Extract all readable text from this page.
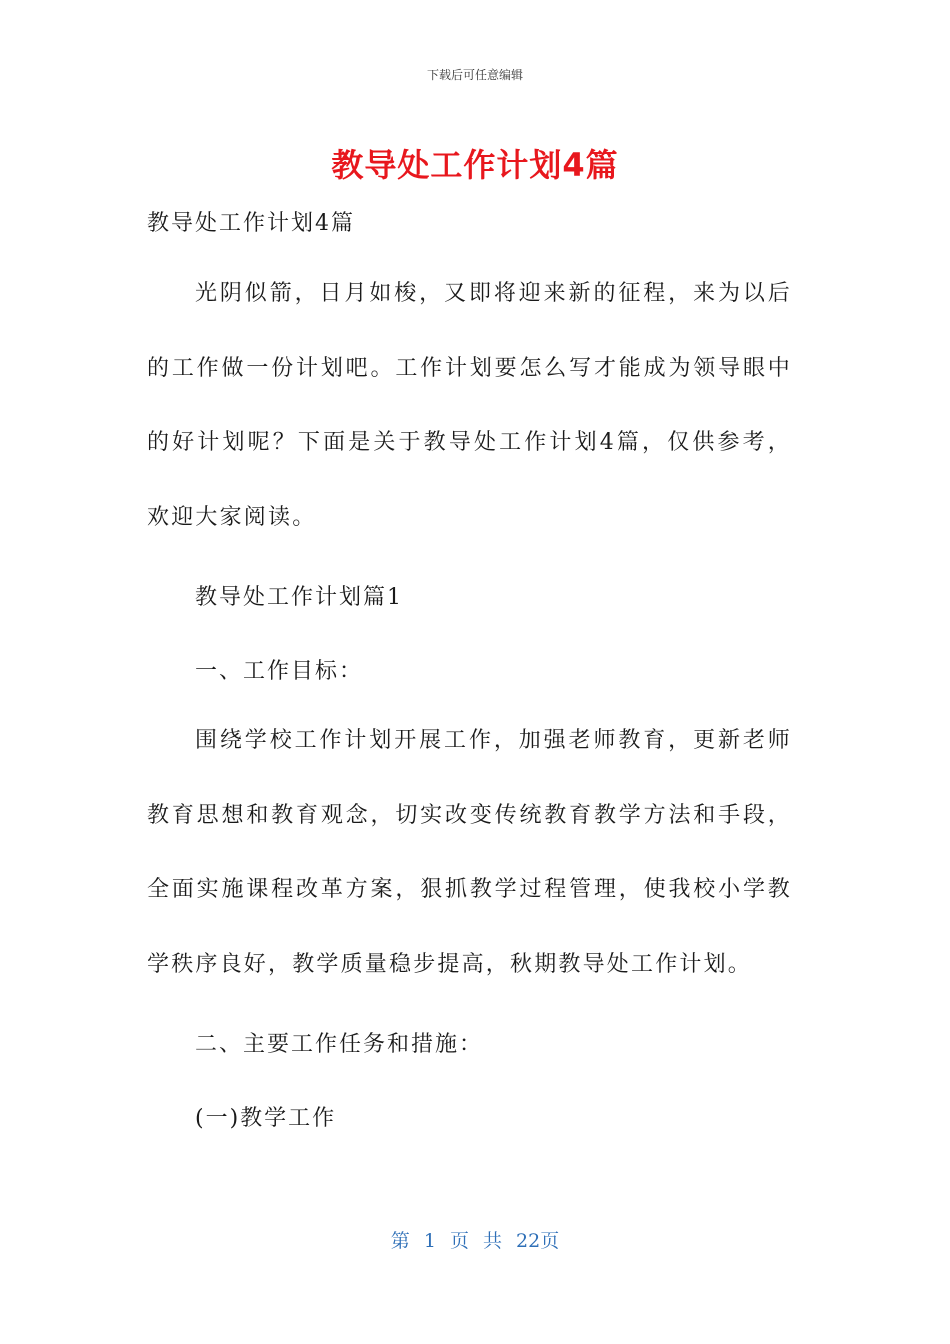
下载后可任意编辑
教导处工作计划4篇
教导处工作计划4篇
光阴似箭，日月如梭，又即将迎来新的征程，来为以后的工作做一份计划吧。工作计划要怎么写才能成为领导眼中的好计划呢？下面是关于教导处工作计划4篇，仅供参考，欢迎大家阅读。
教导处工作计划篇1
一、工作目标：
围绕学校工作计划开展工作，加强老师教育，更新老师教育思想和教育观念，切实改变传统教育教学方法和手段，全面实施课程改革方案，狠抓教学过程管理，使我校小学教学秩序良好，教学质量稳步提高，秋期教导处工作计划。
二、主要工作任务和措施：
(一)教学工作
第 1 页 共 22页
